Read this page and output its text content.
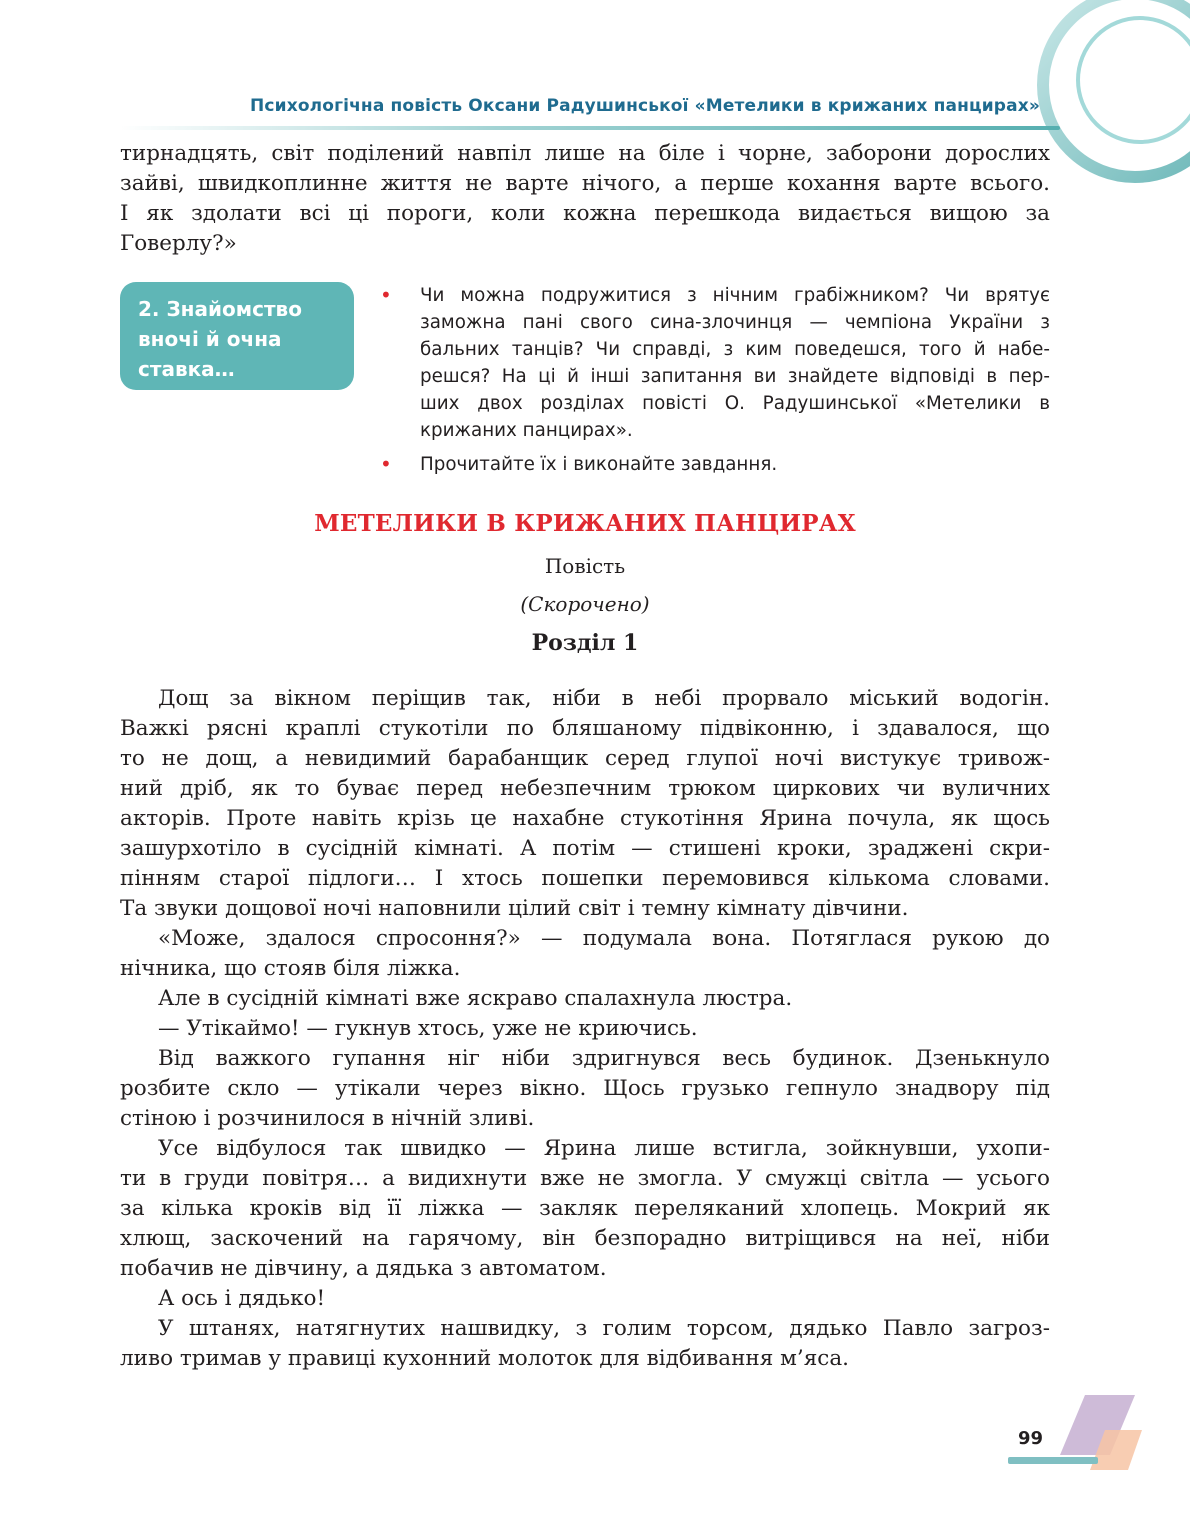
Психологічна повість Оксани Радушинської «Метелики в крижаних панцирах»

тирнадцять, світ поділений навпіл лише на біле і чорне, заборони дорослих
зайві, швидкоплинне життя не варте нічого, а перше кохання варте всього.
І як здолати всі ці пороги, коли кожна перешкода видається вищою за
Говерлу?»

2. Знайомство
вночі й очна
ставка…
• Чи можна подружитися з нічним грабіжником? Чи врятує
заможна пані свого сина-злочинця — чемпіона України з
бальних танців? Чи справді, з ким поведешся, того й набе-
решся? На ці й інші запитання ви знайдете відповіді в пер-
ших двох розділах повісті О. Радушинської «Метелики в
крижаних панцирах».
• Прочитайте їх і виконайте завдання.
МЕТЕЛИКИ В КРИЖАНИХ ПАНЦИРАХ
Повість
(Скорочено)
Розділ 1
Дощ за вікном періщив так, ніби в небі прорвало міський водогін.
Важкі рясні краплі стукотіли по бляшаному підвіконню, і здавалося, що
то не дощ, а невидимий барабанщик серед глупої ночі вистукує тривож-
ний дріб, як то буває перед небезпечним трюком циркових чи вуличних
акторів. Проте навіть крізь це нахабне стукотіння Ярина почула, як щось
зашурхотіло в сусідній кімнаті. А потім — стишені кроки, зраджені скри-
пінням старої підлоги… І хтось пошепки перемовився кількома словами.
Та звуки дощової ночі наповнили цілий світ і темну кімнату дівчини.
«Може, здалося спросоння?» — подумала вона. Потяглася рукою до
нічника, що стояв біля ліжка.
Але в сусідній кімнаті вже яскраво спалахнула люстра.
— Утікаймо! — гукнув хтось, уже не криючись.
Від важкого гупання ніг ніби здригнувся весь будинок. Дзенькнуло
розбите скло — утікали через вікно. Щось грузько гепнуло знадвору під
стіною і розчинилося в нічній зливі.
Усе відбулося так швидко — Ярина лише встигла, зойкнувши, ухопи-
ти в груди повітря… а видихнути вже не змогла. У смужці світла — усього
за кілька кроків від її ліжка — закляк переляканий хлопець. Мокрий як
хлющ, заскочений на гарячому, він безпорадно витріщився на неї, ніби
побачив не дівчину, а дядька з автоматом.
А ось і дядько!
У штанях, натягнутих нашвидку, з голим торсом, дядько Павло загроз-
ливо тримав у правиці кухонний молоток для відбивання м’яса.
99
